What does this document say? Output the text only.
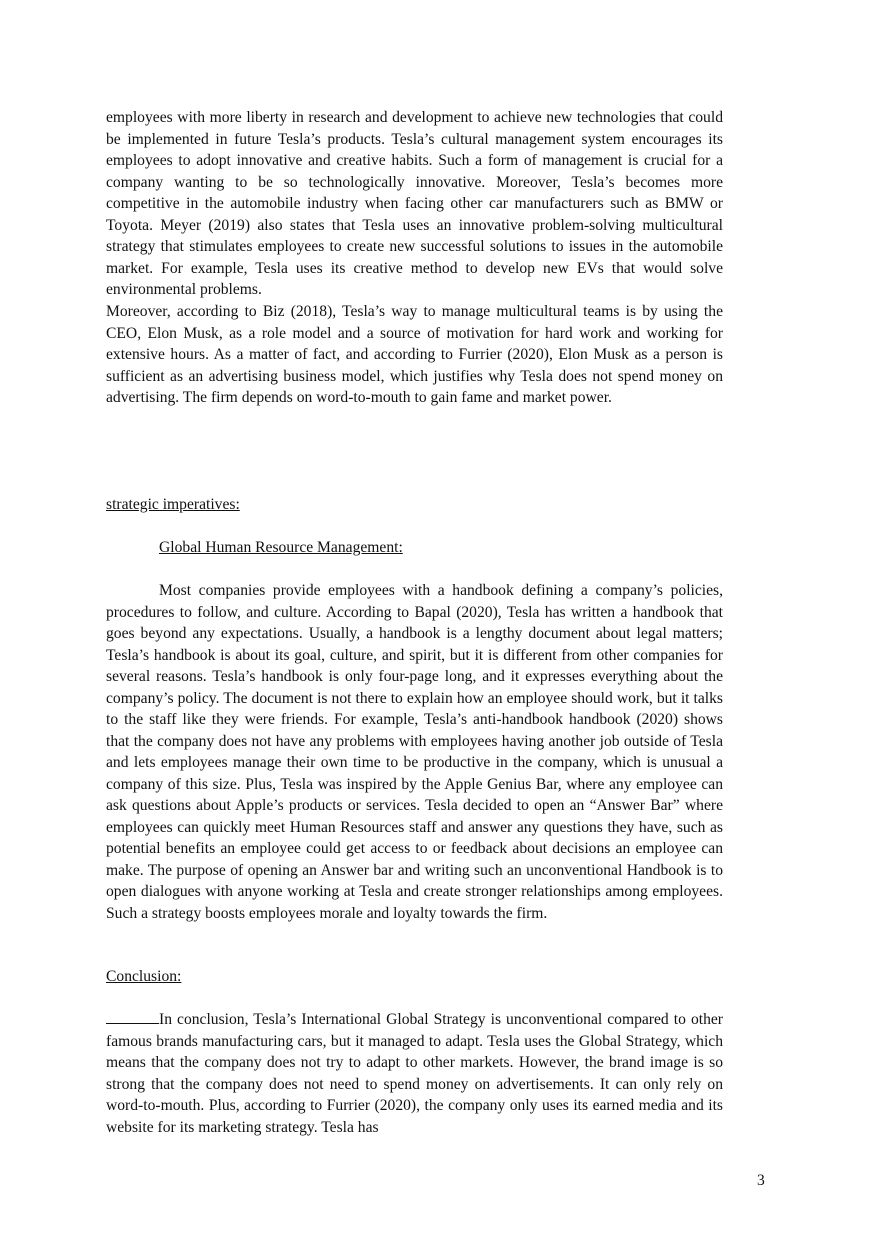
employees with more liberty in research and development to achieve new technologies that could be implemented in future Tesla’s products. Tesla’s cultural management system encourages its employees to adopt innovative and creative habits. Such a form of management is crucial for a company wanting to be so technologically innovative. Moreover, Tesla’s becomes more competitive in the automobile industry when facing other car manufacturers such as BMW or Toyota. Meyer (2019) also states that Tesla uses an innovative problem-solving multicultural strategy that stimulates employees to create new successful solutions to issues in the automobile market. For example, Tesla uses its creative method to develop new EVs that would solve environmental problems.

Moreover, according to Biz (2018), Tesla’s way to manage multicultural teams is by using the CEO, Elon Musk, as a role model and a source of motivation for hard work and working for extensive hours. As a matter of fact, and according to Furrier (2020), Elon Musk as a person is sufficient as an advertising business model, which justifies why Tesla does not spend money on advertising. The firm depends on word-to-mouth to gain fame and market power.

strategic imperatives:

Global Human Resource Management:

Most companies provide employees with a handbook defining a company’s policies, procedures to follow, and culture. According to Bapal (2020), Tesla has written a handbook that goes beyond any expectations. Usually, a handbook is a lengthy document about legal matters; Tesla’s handbook is about its goal, culture, and spirit, but it is different from other companies for several reasons. Tesla’s handbook is only four-page long, and it expresses everything about the company’s policy. The document is not there to explain how an employee should work, but it talks to the staff like they were friends. For example, Tesla’s anti-handbook handbook (2020) shows that the company does not have any problems with employees having another job outside of Tesla and lets employees manage their own time to be productive in the company, which is unusual a company of this size. Plus, Tesla was inspired by the Apple Genius Bar, where any employee can ask questions about Apple’s products or services. Tesla decided to open an “Answer Bar” where employees can quickly meet Human Resources staff and answer any questions they have, such as potential benefits an employee could get access to or feedback about decisions an employee can make. The purpose of opening an Answer bar and writing such an unconventional Handbook is to open dialogues with anyone working at Tesla and create stronger relationships among employees. Such a strategy boosts employees morale and loyalty towards the firm.

Conclusion:

In conclusion, Tesla’s International Global Strategy is unconventional compared to other famous brands manufacturing cars, but it managed to adapt. Tesla uses the Global Strategy, which means that the company does not try to adapt to other markets. However, the brand image is so strong that the company does not need to spend money on advertisements. It can only rely on word-to-mouth. Plus, according to Furrier (2020), the company only uses its earned media and its website for its marketing strategy. Tesla has

3
